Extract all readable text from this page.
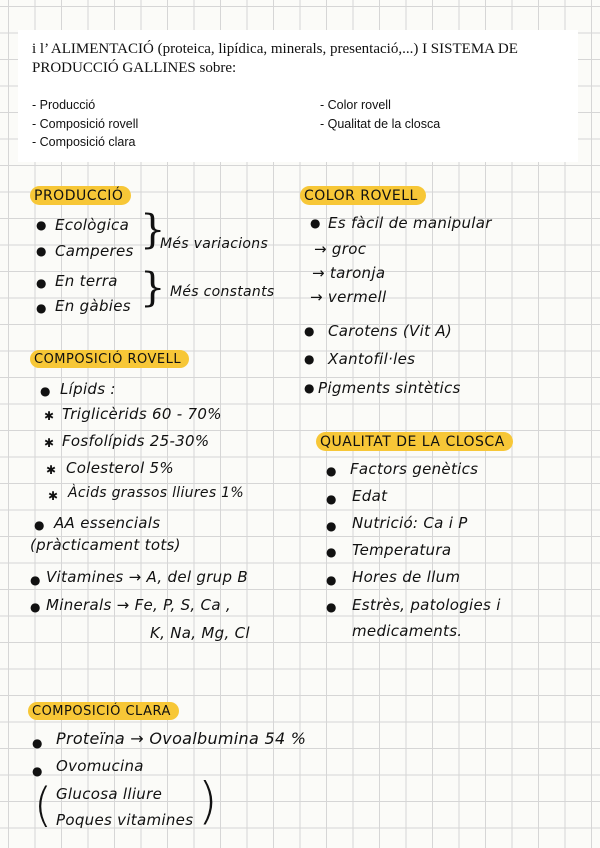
i l’ ALIMENTACIÓ (proteica, lipídica, minerals, presentació,...) I SISTEMA DE PRODUCCIÓ GALLINES sobre:
- Producció
- Composició rovell
- Composició clara
- Color rovell
- Qualitat de la closca
PRODUCCIÓ
● Ecològica
● Camperes }
Més variacions
● En terra
● En gàbies } Més constants
COLOR ROVELL
● Es fàcil de manipular
→ groc
→ taronja
→ vermell
● Carotens (Vit A)
● Xantofil·les
● Pigments sintètics
COMPOSICIÓ ROVELL
● Lípids :
✱ Triglicèrids 60 - 70%
✱ Fosfolípids 25-30%
✱ Colesterol 5%
✱ Àcids grassos lliures 1%
● AA essencials
(pràcticament tots)
● Vitamines → A, del grup B
● Minerals → Fe, P, S, Ca ,
K, Na, Mg, Cl
QUALITAT DE LA CLOSCA
● Factors genètics
● Edat
● Nutrició: Ca i P
● Temperatura
● Hores de llum
● Estrès, patologies i
medicaments.
COMPOSICIÓ CLARA
● Proteïna → Ovoalbumina 54 %
● Ovomucina
( Glucosa lliure
Poques vitamines )
